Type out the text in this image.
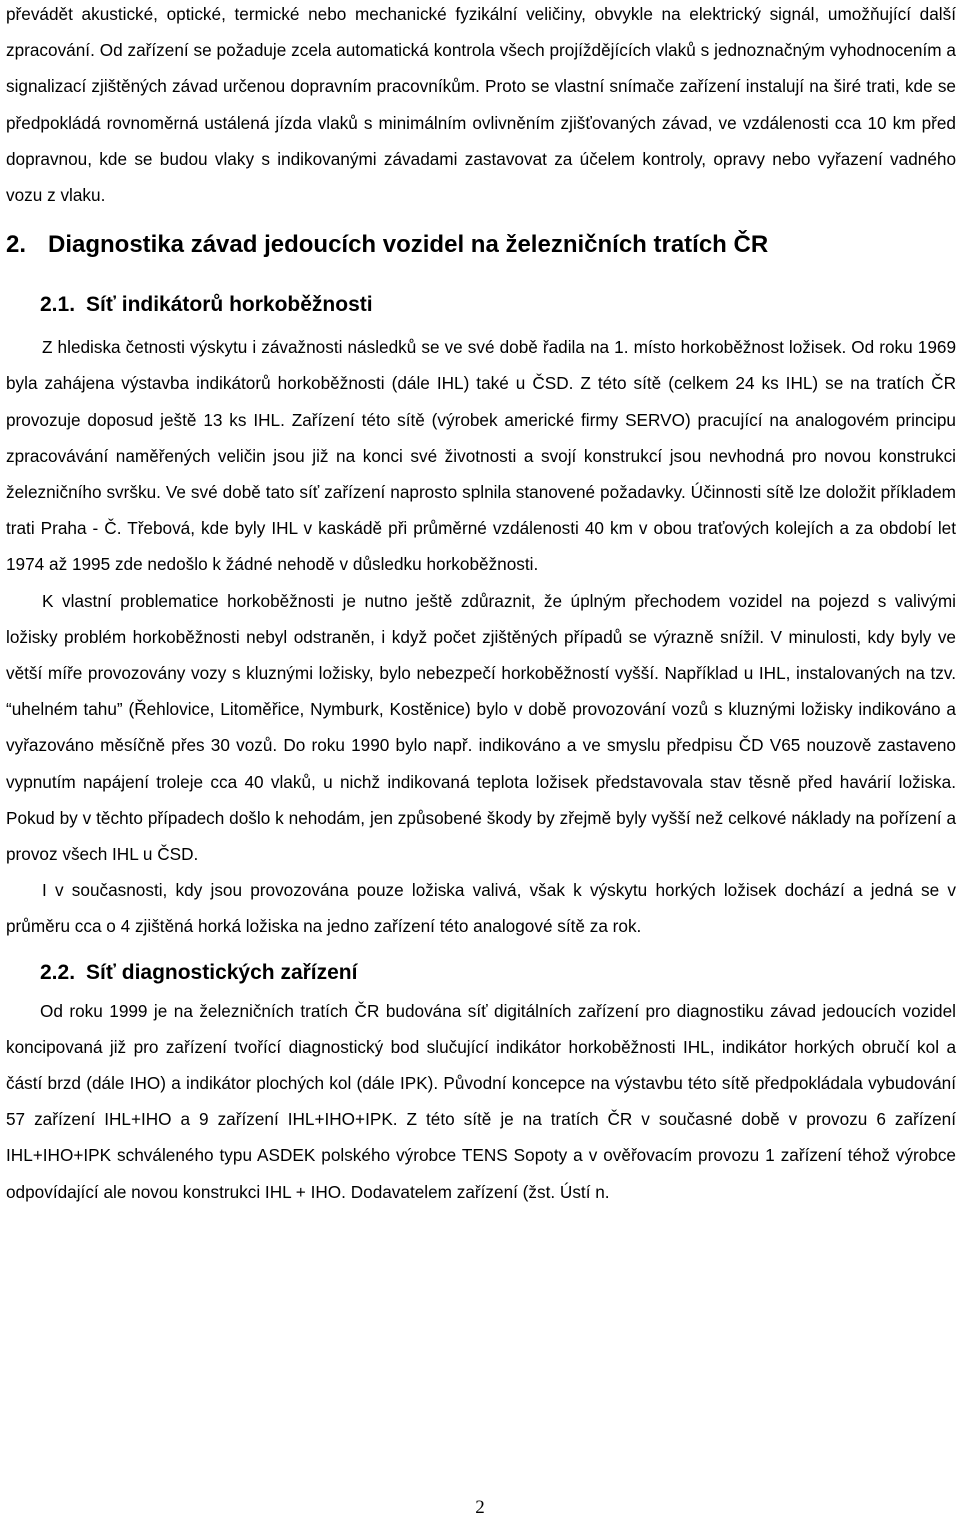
převádět akustické, optické, termické nebo mechanické fyzikální veličiny, obvykle na elektrický signál, umožňující další zpracování. Od zařízení se požaduje zcela automatická kontrola všech projíždějících vlaků s jednoznačným vyhodnocením a signalizací zjištěných závad určenou dopravním pracovníkům. Proto se vlastní snímače zařízení instalují na širé trati, kde se předpokládá rovnoměrná ustálená jízda vlaků s minimálním ovlivněním zjišťovaných závad, ve vzdálenosti cca 10 km před dopravnou, kde se budou vlaky s indikovanými závadami zastavovat za účelem kontroly, opravy nebo vyřazení vadného vozu z vlaku.

2. Diagnostika závad jedoucích vozidel na železničních tratích ČR
2.1. Síť indikátorů horkoběžnosti

Z hlediska četnosti výskytu i závažnosti následků se ve své době řadila na 1. místo horkoběžnost ložisek. Od roku 1969 byla zahájena výstavba indikátorů horkoběžnosti (dále IHL) také u ČSD. Z této sítě (celkem 24 ks IHL) se na tratích ČR provozuje doposud ještě 13 ks IHL. Zařízení této sítě (výrobek americké firmy SERVO) pracující na analogovém principu zpracovávání naměřených veličin jsou již na konci své životnosti a svojí konstrukcí jsou nevhodná pro novou konstrukci železničního svršku. Ve své době tato síť zařízení naprosto splnila stanovené požadavky. Účinnosti sítě lze doložit příkladem trati Praha - Č. Třebová, kde byly IHL v kaskádě při průměrné vzdálenosti 40 km v obou traťových kolejích a za období let 1974 až 1995 zde nedošlo k žádné nehodě v důsledku horkoběžnosti.

K vlastní problematice horkoběžnosti je nutno ještě zdůraznit, že úplným přechodem vozidel na pojezd s valivými ložisky problém horkoběžnosti nebyl odstraněn, i když počet zjištěných případů se výrazně snížil. V minulosti, kdy byly ve větší míře provozovány vozy s kluznými ložisky, bylo nebezpečí horkoběžností vyšší. Například u IHL, instalovaných na tzv. “uhelném tahu” (Řehlovice, Litoměřice, Nymburk, Kostěnice) bylo v době provozování vozů s kluznými ložisky indikováno a vyřazováno měsíčně přes 30 vozů. Do roku 1990 bylo např. indikováno a ve smyslu předpisu ČD V65 nouzově zastaveno vypnutím napájení troleje cca 40 vlaků, u nichž indikovaná teplota ložisek představovala stav těsně před havárií ložiska. Pokud by v těchto případech došlo k nehodám, jen způsobené škody by zřejmě byly vyšší než celkové náklady na pořízení a provoz všech IHL u ČSD.

I v současnosti, kdy jsou provozována pouze ložiska valivá, však k výskytu horkých ložisek dochází a jedná se v průměru cca o 4 zjištěná horká ložiska na jedno zařízení této analogové sítě za rok.

2.2. Síť diagnostických zařízení

Od roku 1999 je na železničních tratích ČR budována síť digitálních zařízení pro diagnostiku závad jedoucích vozidel koncipovaná již pro zařízení tvořící diagnostický bod slučující indikátor horkoběžnosti IHL, indikátor horkých obručí kol a částí brzd (dále IHO) a indikátor plochých kol (dále IPK). Původní koncepce na výstavbu této sítě předpokládala vybudování 57 zařízení IHL+IHO a 9 zařízení IHL+IHO+IPK. Z této sítě je na tratích ČR v současné době v provozu 6 zařízení IHL+IHO+IPK schváleného typu ASDEK polského výrobce TENS Sopoty a v ověřovacím provozu 1 zařízení téhož výrobce odpovídající ale novou konstrukci IHL + IHO. Dodavatelem zařízení (žst. Ústí n.

2
